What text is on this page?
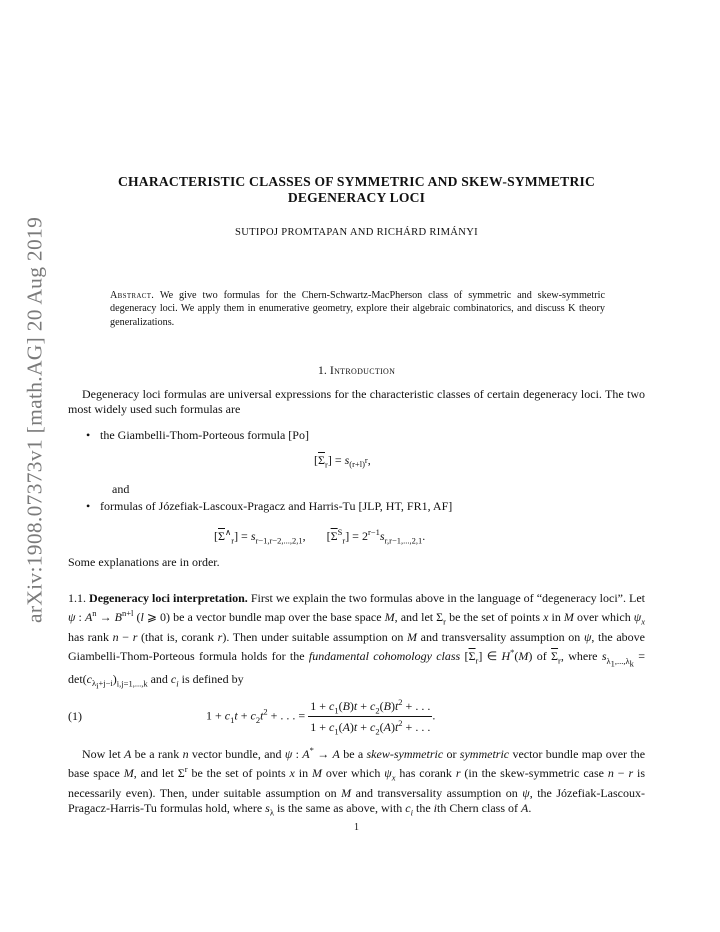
arXiv:1908.07373v1 [math.AG] 20 Aug 2019
CHARACTERISTIC CLASSES OF SYMMETRIC AND SKEW-SYMMETRIC
DEGENERACY LOCI
SUTIPOJ PROMTAPAN AND RICHÁRD RIMÁNYI
Abstract. We give two formulas for the Chern-Schwartz-MacPherson class of symmetric and skew-symmetric degeneracy loci. We apply them in enumerative geometry, explore their algebraic combinatorics, and discuss K theory generalizations.
1. Introduction
Degeneracy loci formulas are universal expressions for the characteristic classes of certain degeneracy loci. The two most widely used such formulas are
• the Giambelli-Thom-Porteous formula [Po]
$[\overline{\Sigma}_r] = s_{(r+l)^r}$,
and
• formulas of Józefiak-Lascoux-Pragacz and Harris-Tu [JLP, HT, FR1, AF]
$[\overline{\Sigma}^\wedge_r] = s_{r-1,r-2,...,2,1}$,       $[\overline{\Sigma}^S_r] = 2^{r-1}s_{r,r-1,...,2,1}$.
Some explanations are in order.
1.1. Degeneracy loci interpretation. First we explain the two formulas above in the language of “degeneracy loci”. Let ψ : $A^n \to B^{n+l}$ (l ⩾ 0) be a vector bundle map over the base space M, and let $\Sigma_r$ be the set of points x in M over which $\psi_x$ has rank n − r (that is, corank r). Then under suitable assumption on M and transversality assumption on ψ, the above Giambelli-Thom-Porteous formula holds for the fundamental cohomology class $[\overline{\Sigma}_r]$ ∈ H*(M) of $\overline{\Sigma}_r$, where $s_{\lambda_1,...,\lambda_k} = \det(c_{\lambda_i+j-i})_{i,j=1,...,k}$ and $c_i$ is defined by
(1)	$1 + c_1t + c_2t^2$ + . . . = $\frac{1 + c_1(B)t + c_2(B)t^2 + . . .}{1 + c_1(A)t + c_2(A)t^2 + . . .}$ .
Now let A be a rank n vector bundle, and ψ : A* → A be a skew-symmetric or symmetric vector bundle map over the base space M, and let $\Sigma^r$ be the set of points x in M over which $\psi_x$ has corank r (in the skew-symmetric case n − r is necessarily even). Then, under suitable assumption on M and transversality assumption on ψ, the Józefiak-Lascoux-Pragacz-Harris-Tu formulas hold, where $s_\lambda$ is the same as above, with $c_i$ the ith Chern class of A.
1
